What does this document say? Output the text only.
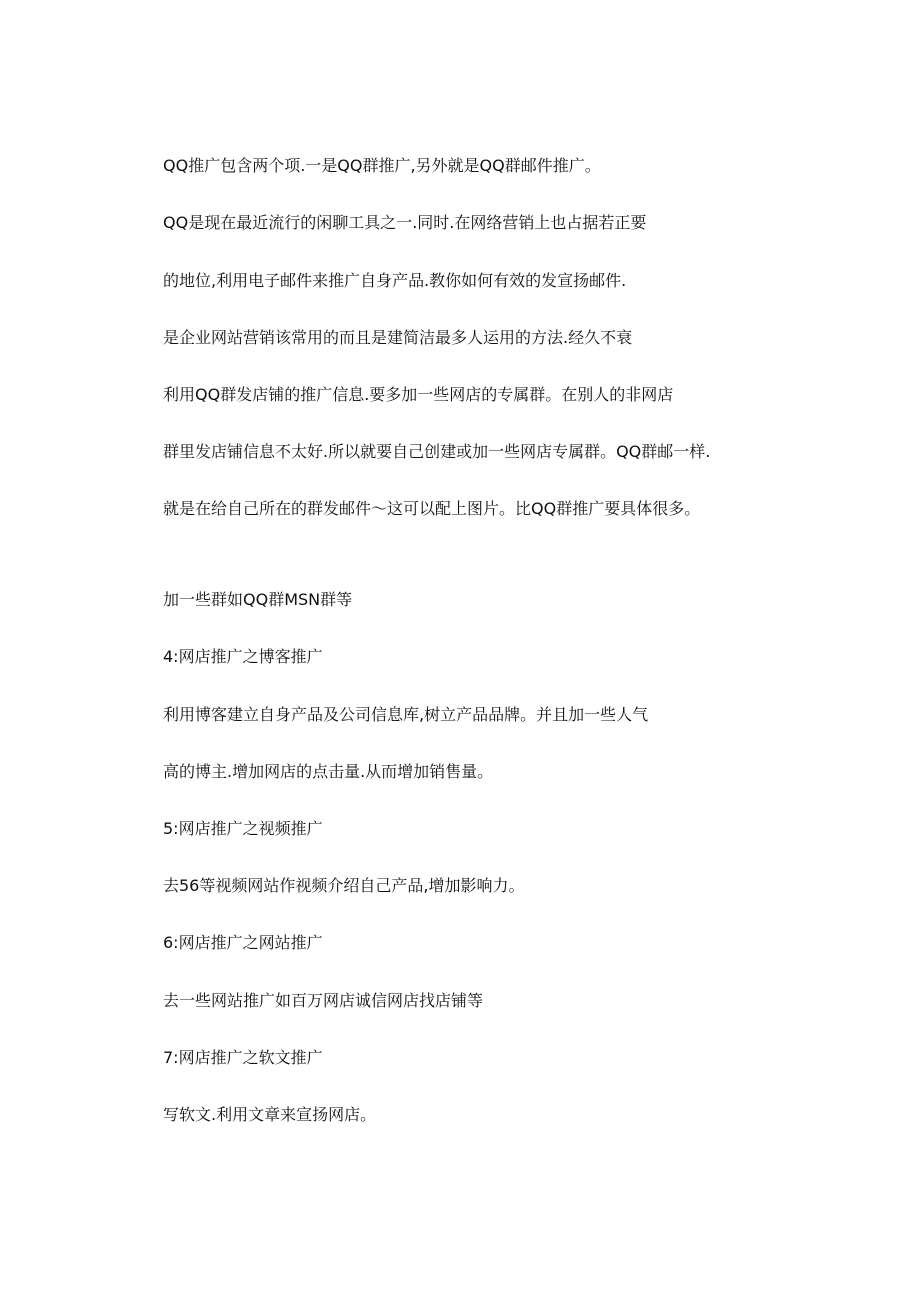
QQ推广包含两个项.一是QQ群推广,另外就是QQ群邮件推广。
QQ是现在最近流行的闲聊工具之一.同时.在网络营销上也占据若正要
的地位,利用电子邮件来推广自身产品.教你如何有效的发宣扬邮件.
是企业网站营销该常用的而且是建简洁最多人运用的方法.经久不衰
利用QQ群发店铺的推广信息.要多加一些网店的专属群。在别人的非网店
群里发店铺信息不太好.所以就要自己创建或加一些网店专属群。QQ群邮一样.
就是在给自己所在的群发邮件〜这可以配上图片。比QQ群推广要具体很多。
加一些群如QQ群MSN群等
4:网店推广之博客推广
利用博客建立自身产品及公司信息库,树立产品品牌。并且加一些人气
高的博主.增加网店的点击量.从而增加销售量。
5:网店推广之视频推广
去56等视频网站作视频介绍自己产品,增加影响力。
6:网店推广之网站推广
去一些网站推广如百万网店诚信网店找店铺等
7:网店推广之软文推广
写软文.利用文章来宣扬网店。
